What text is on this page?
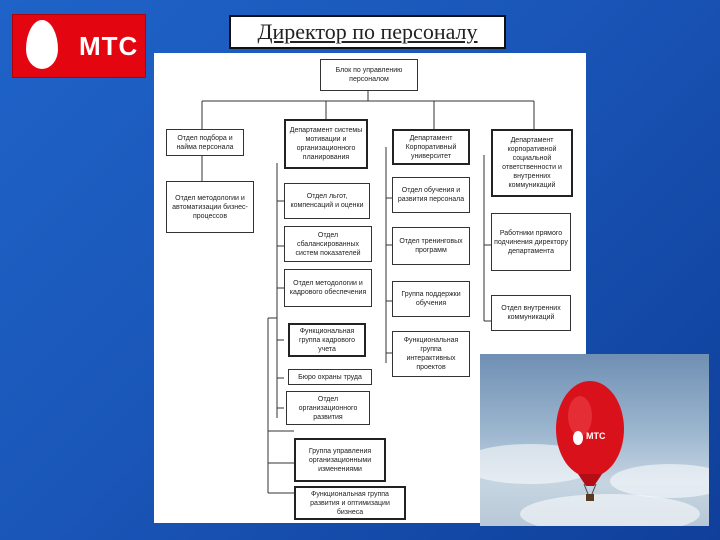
МТС	Директор по персоналу
Блок по управлению персоналом
Отдел подбора и найма персонала
Отдел методологии и автоматизации бизнес-процессов
Департамент системы мотивации и организационного планирования
Отдел льгот, компенсаций и оценки
Отдел сбалансированных систем показателей
Отдел методологии и кадрового обеспечения
Функциональная группа кадрового учета
Бюро охраны труда
Отдел организационного развития
Группа управления организационными изменениями
Функциональная группа развития и оптимизации бизнеса
Департамент Корпоративный университет
Отдел обучения и развития персонала
Отдел тренинговых программ
Группа поддержки обучения
Функциональная группа интерактивных проектов
Департамент корпоративной социальной ответственности и внутренних коммуникаций
Работники прямого подчинения директору департамента
Отдел внутренних коммуникаций
МТС
